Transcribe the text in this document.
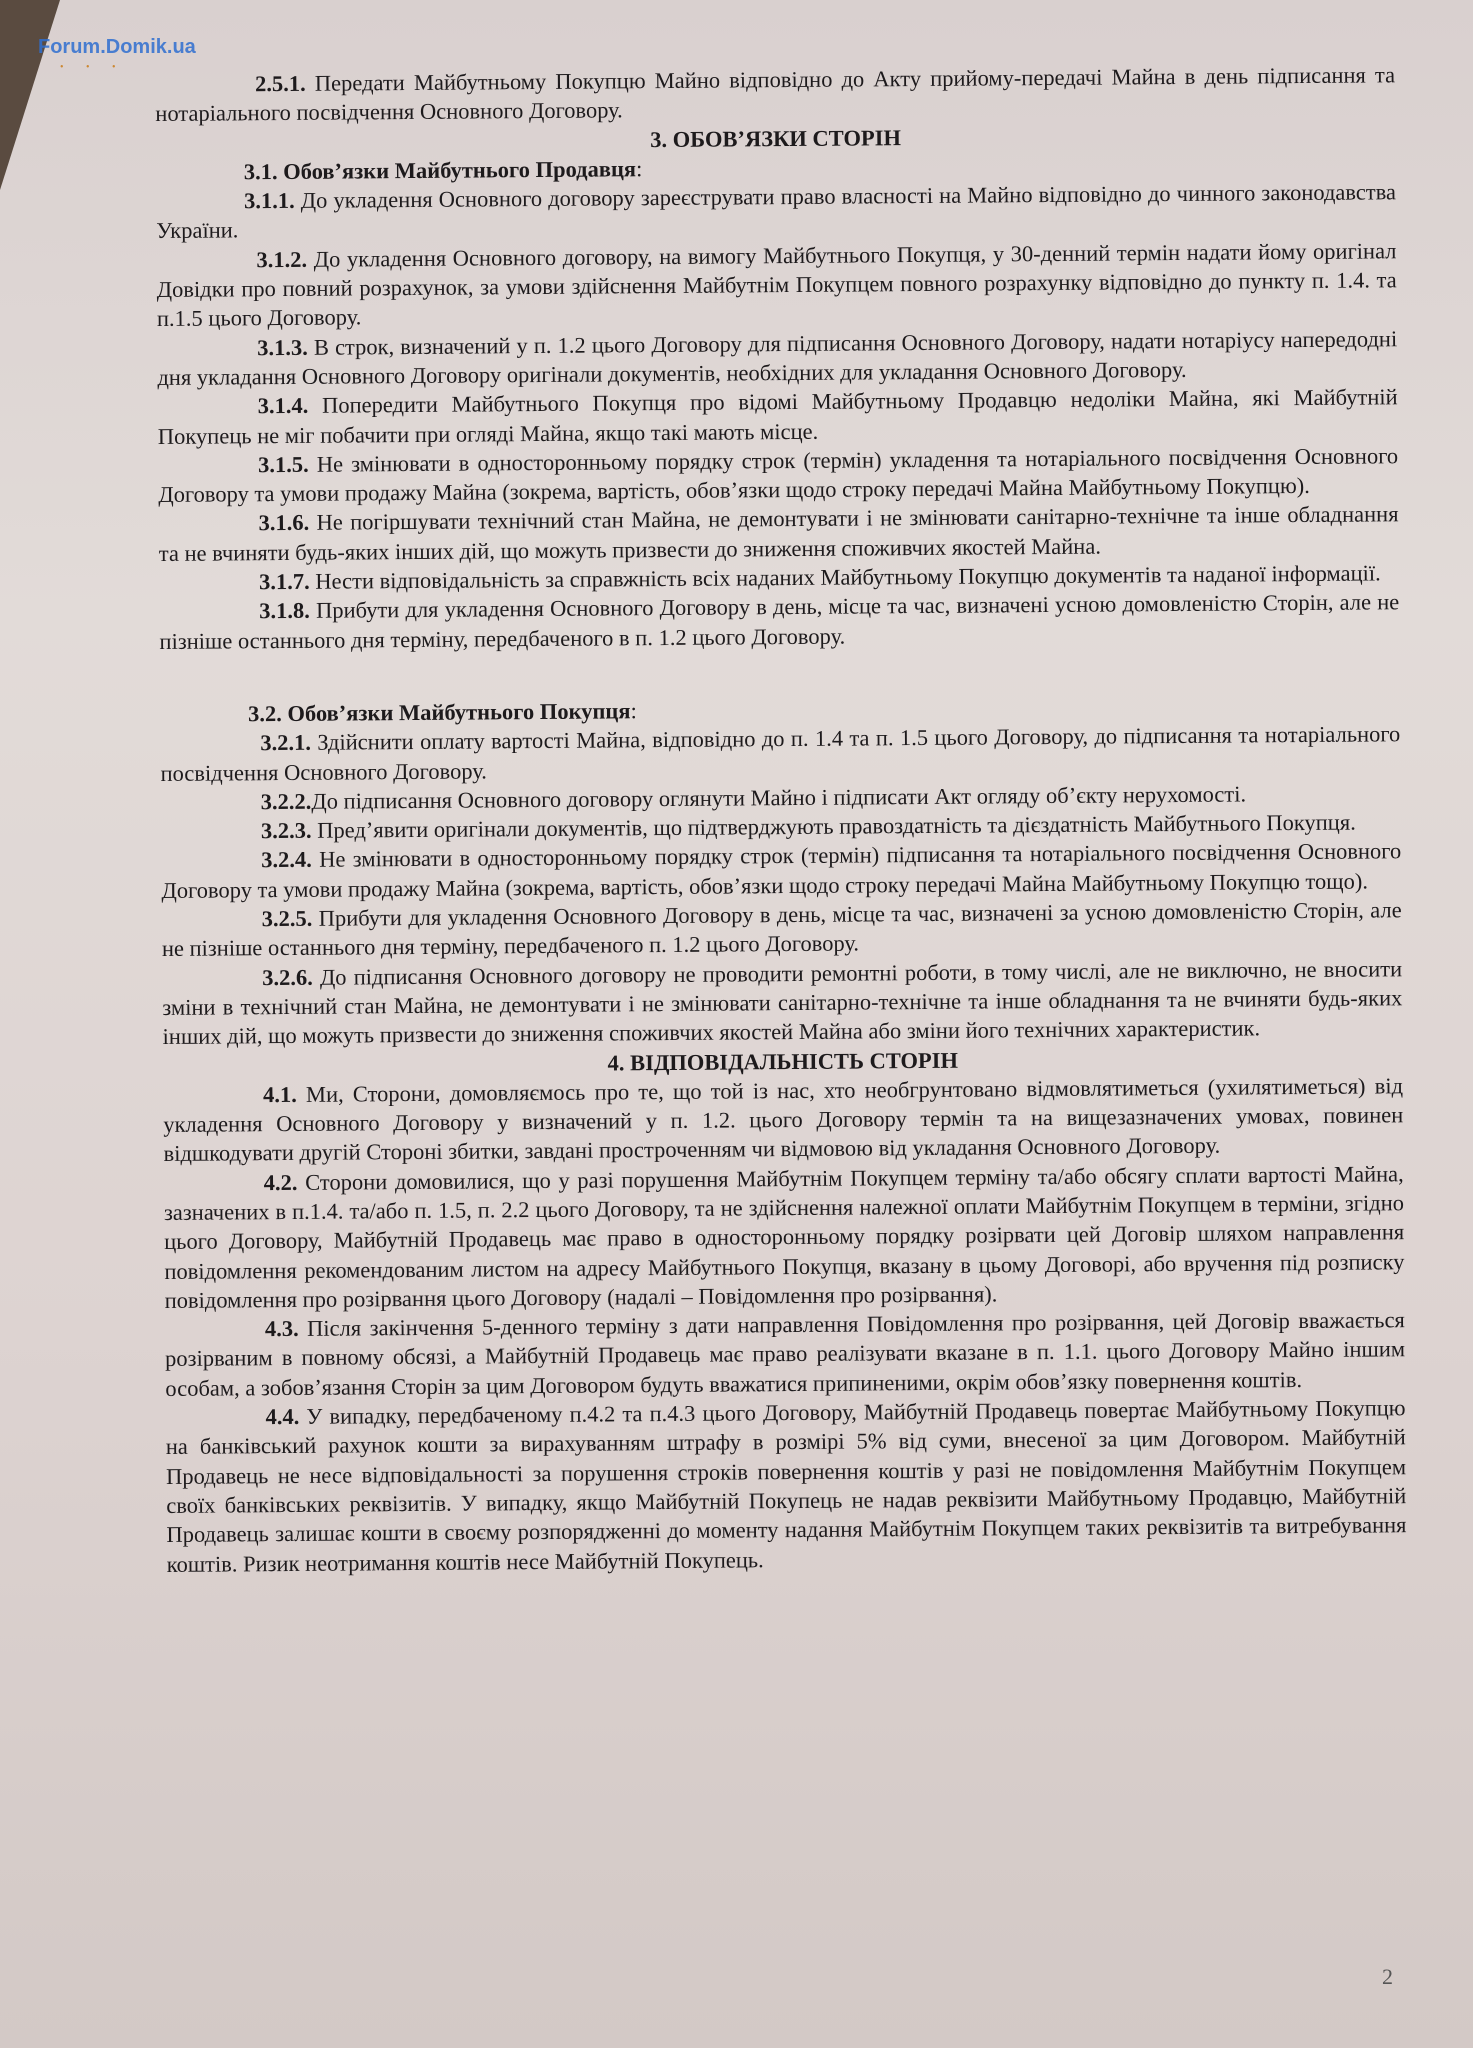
Forum.Domik.ua
• • •

2.5.1. Передати Майбутньому Покупцю Майно відповідно до Акту прийому-передачі Майна в день підписання та нотаріального посвідчення Основного Договору.

3. ОБОВ’ЯЗКИ СТОРІН

3.1. Обов’язки Майбутнього Продавця:

3.1.1. До укладення Основного договору зареєструвати право власності на Майно відповідно до чинного законодавства України.

3.1.2. До укладення Основного договору, на вимогу Майбутнього Покупця, у 30-денний термін надати йому оригінал Довідки про повний розрахунок, за умови здійснення Майбутнім Покупцем повного розрахунку відповідно до пункту п. 1.4. та п.1.5 цього Договору.

3.1.3. В строк, визначений у п. 1.2 цього Договору для підписання Основного Договору, надати нотаріусу напередодні дня укладання Основного Договору оригінали документів, необхідних для укладання Основного Договору.

3.1.4. Попередити Майбутнього Покупця про відомі Майбутньому Продавцю недоліки Майна, які Майбутній Покупець не міг побачити при огляді Майна, якщо такі мають місце.

3.1.5. Не змінювати в односторонньому порядку строк (термін) укладення та нотаріального посвідчення Основного Договору та умови продажу Майна (зокрема, вартість, обов’язки щодо строку передачі Майна Майбутньому Покупцю).

3.1.6. Не погіршувати технічний стан Майна, не демонтувати і не змінювати санітарно-технічне та інше обладнання та не вчиняти будь-яких інших дій, що можуть призвести до зниження споживчих якостей Майна.

3.1.7. Нести відповідальність за справжність всіх наданих Майбутньому Покупцю документів та наданої інформації.

3.1.8. Прибути для укладення Основного Договору в день, місце та час, визначені усною домовленістю Сторін, але не пізніше останнього дня терміну, передбаченого в п. 1.2 цього Договору.

3.2. Обов’язки Майбутнього Покупця:

3.2.1. Здійснити оплату вартості Майна, відповідно до п. 1.4 та п. 1.5 цього Договору, до підписання та нотаріального посвідчення Основного Договору.

3.2.2.До підписання Основного договору оглянути Майно і підписати Акт огляду об’єкту нерухомості.

3.2.3. Пред’явити оригінали документів, що підтверджують правоздатність та дієздатність Майбутнього Покупця.

3.2.4. Не змінювати в односторонньому порядку строк (термін) підписання та нотаріального посвідчення Основного Договору та умови продажу Майна (зокрема, вартість, обов’язки щодо строку передачі Майна Майбутньому Покупцю тощо).

3.2.5. Прибути для укладення Основного Договору в день, місце та час, визначені за усною домовленістю Сторін, але не пізніше останнього дня терміну, передбаченого п. 1.2 цього Договору.

3.2.6. До підписання Основного договору не проводити ремонтні роботи, в тому числі, але не виключно, не вносити зміни в технічний стан Майна, не демонтувати і не змінювати санітарно-технічне та інше обладнання та не вчиняти будь-яких інших дій, що можуть призвести до зниження споживчих якостей Майна або зміни його технічних характеристик.

4. ВІДПОВІДАЛЬНІСТЬ СТОРІН

4.1. Ми, Сторони, домовляємось про те, що той із нас, хто необгрунтовано відмовлятиметься (ухилятиметься) від укладення Основного Договору у визначений у п. 1.2. цього Договору термін та на вищезазначених умовах, повинен відшкодувати другій Стороні збитки, завдані простроченням чи відмовою від укладання Основного Договору.

4.2. Сторони домовилися, що у разі порушення Майбутнім Покупцем терміну та/або обсягу сплати вартості Майна, зазначених в п.1.4. та/або п. 1.5, п. 2.2 цього Договору, та не здійснення належної оплати Майбутнім Покупцем в терміни, згідно цього Договору, Майбутній Продавець має право в односторонньому порядку розірвати цей Договір шляхом направлення повідомлення рекомендованим листом на адресу Майбутнього Покупця, вказану в цьому Договорі, або вручення під розписку повідомлення про розірвання цього Договору (надалі – Повідомлення про розірвання).

4.3. Після закінчення 5-денного терміну з дати направлення Повідомлення про розірвання, цей Договір вважається розірваним в повному обсязі, а Майбутній Продавець має право реалізувати вказане в п. 1.1. цього Договору Майно іншим особам, а зобов’язання Сторін за цим Договором будуть вважатися припиненими, окрім обов’язку повернення коштів.

4.4. У випадку, передбаченому п.4.2 та п.4.3 цього Договору, Майбутній Продавець повертає Майбутньому Покупцю на банківський рахунок кошти за вирахуванням штрафу в розмірі 5% від суми, внесеної за цим Договором. Майбутній Продавець не несе відповідальності за порушення строків повернення коштів у разі не повідомлення Майбутнім Покупцем своїх банківських реквізитів. У випадку, якщо Майбутній Покупець не надав реквізити Майбутньому Продавцю, Майбутній Продавець залишає кошти в своєму розпорядженні до моменту надання Майбутнім Покупцем таких реквізитів та витребування коштів. Ризик неотримання коштів несе Майбутній Покупець.

2
